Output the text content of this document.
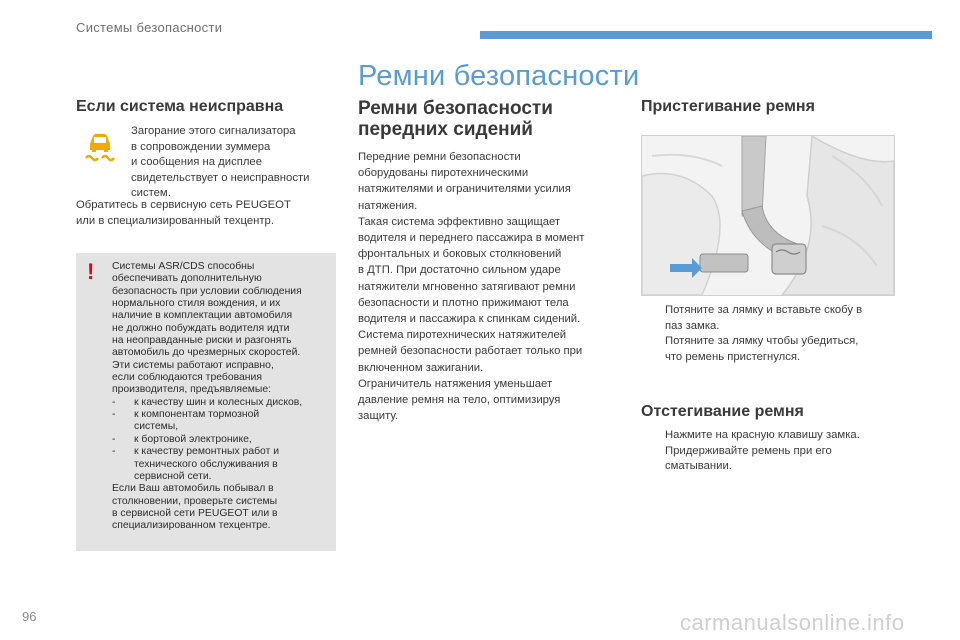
Системы безопасности
Ремни безопасности
Если система неисправна
Загорание этого сигнализатора
в сопровождении зуммера
и сообщения на дисплее
свидетельствует о неисправности
систем.
Обратитесь в сервисную сеть PEUGEOT
или в специализированный техцентр.
! Системы ASR/CDS способны
обеспечивать дополнительную
безопасность при условии соблюдения
нормального стиля вождения, и их
наличие в комплектации автомобиля
не должно побуждать водителя идти
на неоправданные риски и разгонять
автомобиль до чрезмерных скоростей.
Эти системы работают исправно,
если соблюдаются требования
производителя, предъявляемые:
- к качеству шин и колесных дисков,
- к компонентам тормозной
системы,
- к бортовой электронике,
- к качеству ремонтных работ и
технического обслуживания в
сервисной сети.
Если Ваш автомобиль побывал в
столкновении, проверьте системы
в сервисной сети PEUGEOT или в
специализированном техцентре.
Ремни безопасности
передних сидений
Передние ремни безопасности
оборудованы пиротехническими
натяжителями и ограничителями усилия
натяжения.
Такая система эффективно защищает
водителя и переднего пассажира в момент
фронтальных и боковых столкновений
в ДТП. При достаточно сильном ударе
натяжители мгновенно затягивают ремни
безопасности и плотно прижимают тела
водителя и пассажира к спинкам сидений.
Система пиротехнических натяжителей
ремней безопасности работает только при
включенном зажигании.
Ограничитель натяжения уменьшает
давление ремня на тело, оптимизируя
защиту.
Пристегивание ремня
Потяните за лямку и вставьте скобу в
паз замка.
Потяните за лямку чтобы убедиться,
что ремень пристегнулся.
Отстегивание ремня
Нажмите на красную клавишу замка.
Придерживайте ремень при его
сматывании.
96	carmanualsonline.info
